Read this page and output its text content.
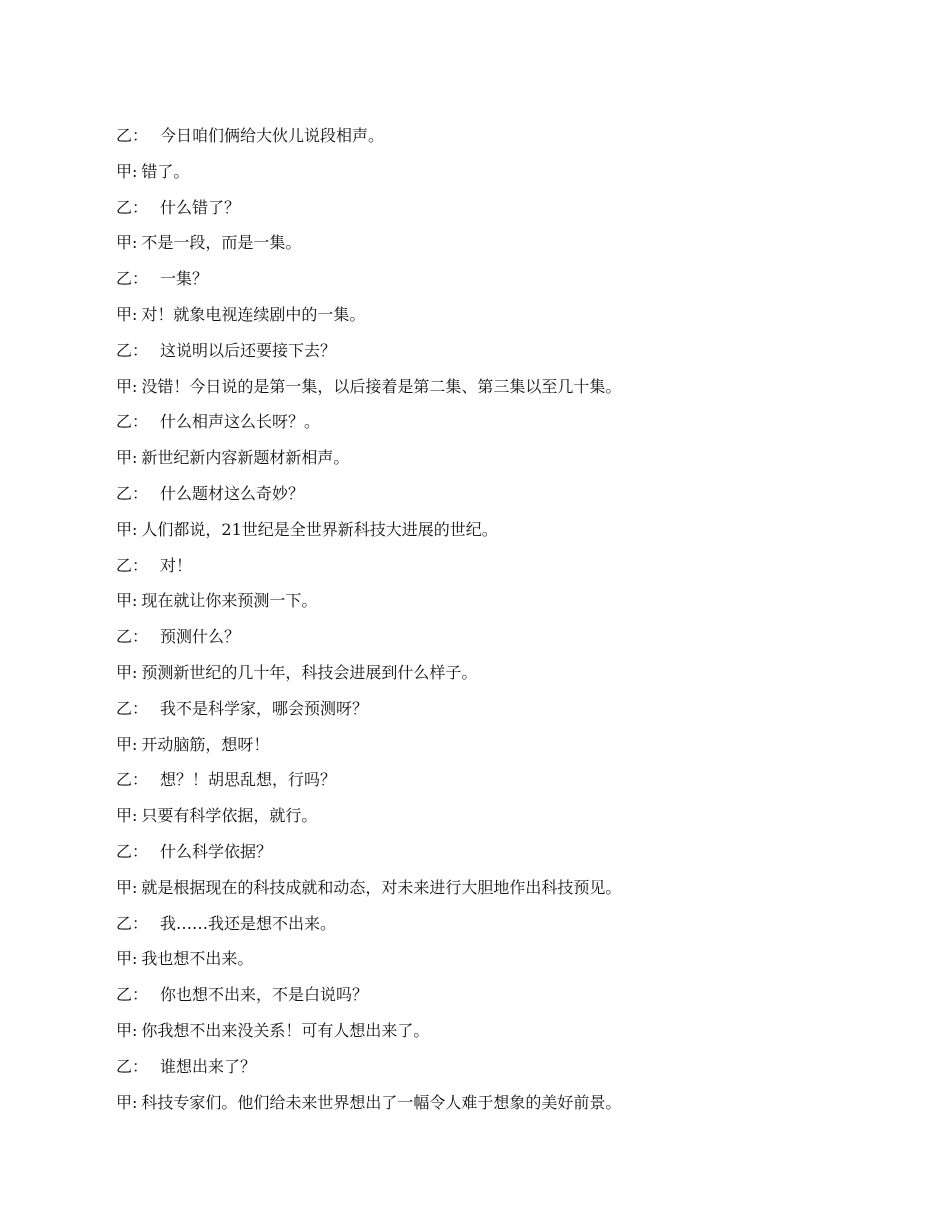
乙： 今日咱们俩给大伙儿说段相声。
甲: 错了。
乙： 什么错了？
甲: 不是一段，而是一集。
乙： 一集？
甲: 对！就象电视连续剧中的一集。
乙： 这说明以后还要接下去？
甲: 没错！今日说的是第一集，以后接着是第二集、第三集以至几十集。
乙： 什么相声这么长呀？。
甲: 新世纪新内容新题材新相声。
乙： 什么题材这么奇妙？
甲: 人们都说，21世纪是全世界新科技大进展的世纪。
乙： 对！
甲: 现在就让你来预测一下。
乙： 预测什么？
甲: 预测新世纪的几十年，科技会进展到什么样子。
乙： 我不是科学家，哪会预测呀？
甲: 开动脑筋，想呀！
乙： 想？！胡思乱想，行吗？
甲: 只要有科学依据，就行。
乙： 什么科学依据？
甲: 就是根据现在的科技成就和动态，对未来进行大胆地作出科技预见。
乙： 我……我还是想不出来。
甲: 我也想不出来。
乙： 你也想不出来，不是白说吗？
甲: 你我想不出来没关系！可有人想出来了。
乙： 谁想出来了？
甲: 科技专家们。他们给未来世界想出了一幅令人难于想象的美好前景。
